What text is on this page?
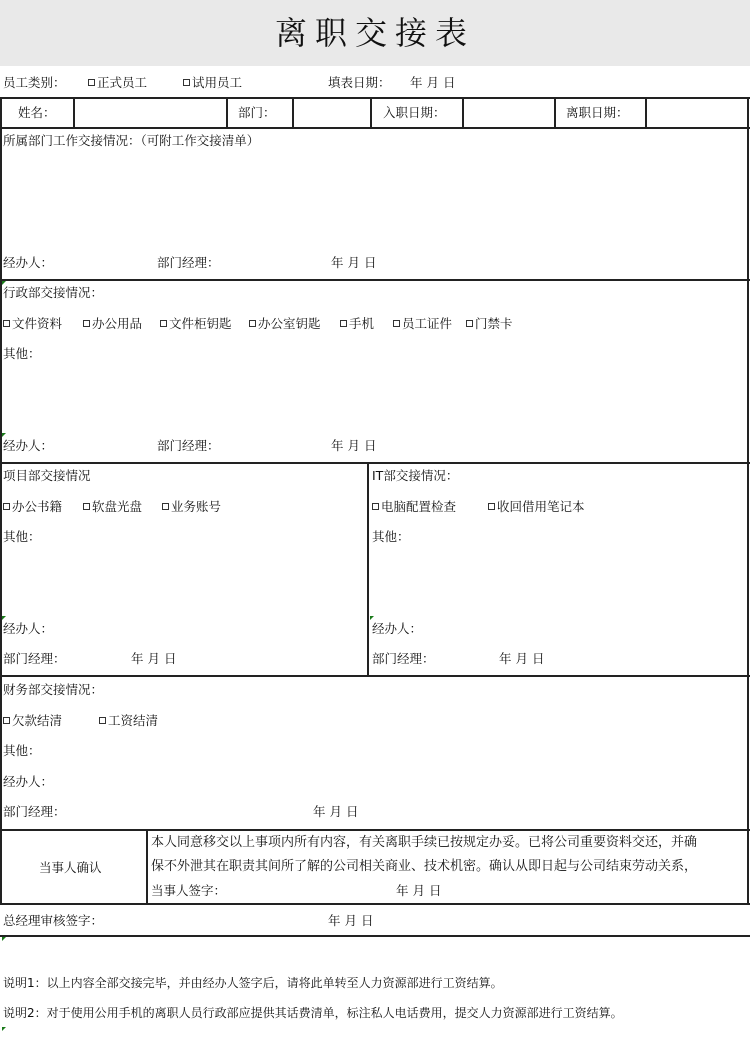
离职交接表
员工类别：	正式员工	试用员工	填表日期： 年 月 日
姓名：	部门：	入职日期：	离职日期：
所属部门工作交接情况：（可附工作交接清单）
经办人：	部门经理：	年 月 日
行政部交接情况：
文件资料	办公用品	文件柜钥匙	办公室钥匙	手机	员工证件	门禁卡
其他：
经办人：	部门经理：	年 月 日
项目部交接情况
办公书籍	软盘光盘	业务账号
其他：
经办人：
部门经理：	年 月 日
IT部交接情况：
电脑配置检查	收回借用笔记本
其他：
经办人：
部门经理：	年 月 日
财务部交接情况：
欠款结清	工资结清
其他：
经办人：
部门经理：	年 月 日
当事人确认
本人同意移交以上事项内所有内容，有关离职手续已按规定办妥。已将公司重要资料交还，并确
保不外泄其在职责其间所了解的公司相关商业、技术机密。确认从即日起与公司结束劳动关系，
当事人签字：	年 月 日
总经理审核签字：	年 月 日
说明1：以上内容全部交接完毕，并由经办人签字后，请将此单转至人力资源部进行工资结算。
说明2：对于使用公用手机的离职人员行政部应提供其话费清单，标注私人电话费用，提交人力资源部进行工资结算。
